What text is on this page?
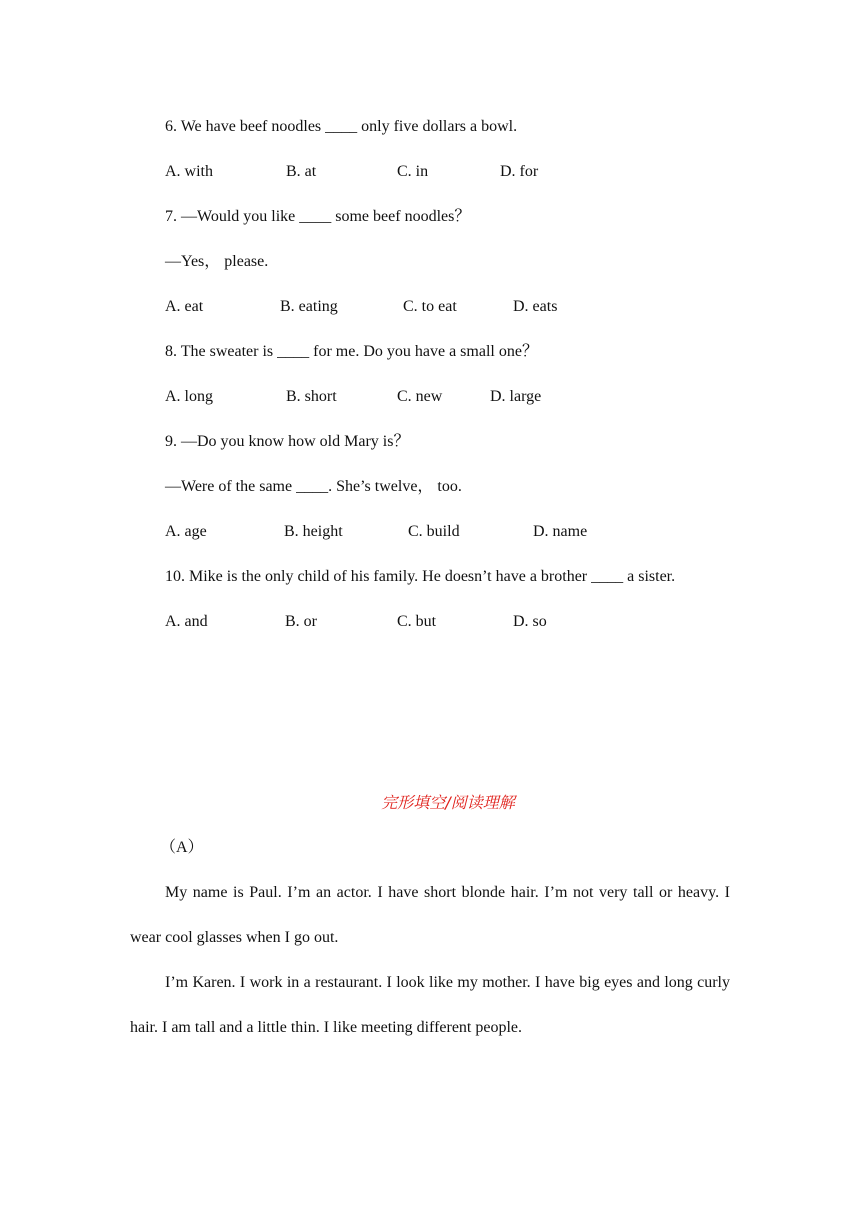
6. We have beef noodles ____ only five dollars a bowl.
A. with	B. at	C. in	D. for
7. —Would you like ____ some beef noodles？
—Yes， please.
A. eat	B. eating	C. to eat	D. eats
8. The sweater is ____ for me. Do you have a small one？
A. long	B. short	C. new	D. large
9. —Do you know how old Mary is？
—Were of the same ____. She’s twelve， too.
A. age	B. height	C. build	D. name
10. Mike is the only child of his family. He doesn’t have a brother ____ a sister.
A. and	B. or	C. but	D. so
完形填空/阅读理解
（A）
My name is Paul. I’m an actor. I have short blonde hair. I’m not very tall or heavy. I wear cool glasses when I go out.
I’m Karen. I work in a restaurant. I look like my mother. I have big eyes and long curly hair. I am tall and a little thin. I like meeting different people.
